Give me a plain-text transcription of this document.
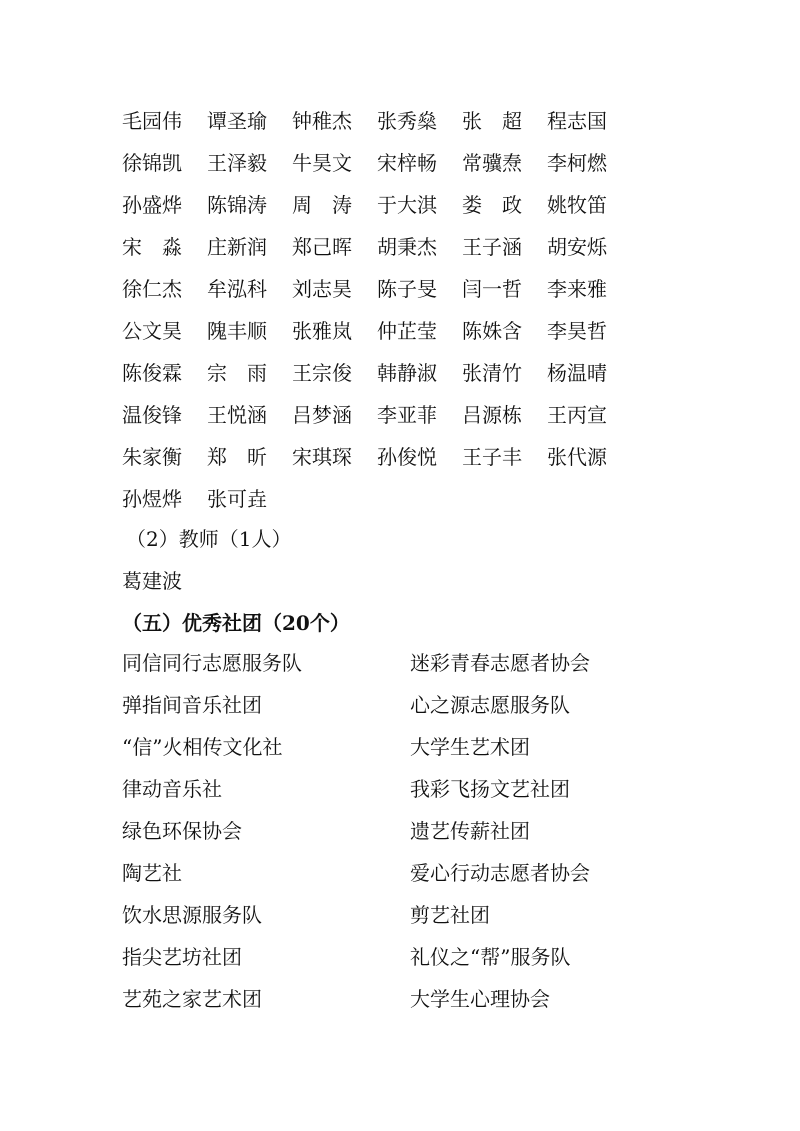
毛园伟	谭圣瑜	钟稚杰	张秀燊	张　超	程志国
徐锦凯	王泽毅	牛昊文	宋梓畅	常骥焘	李柯燃
孙盛烨	陈锦涛	周　涛	于大淇	娄　政	姚牧笛
宋　淼	庄新润	郑己晖	胡秉杰	王子涵	胡安烁
徐仁杰	牟泓科	刘志昊	陈子旻	闫一哲	李来雅
公文昊	隗丰顺	张雅岚	仲芷莹	陈姝含	李昊哲
陈俊霖	宗　雨	王宗俊	韩静淑	张清竹	杨温晴
温俊锋	王悦涵	吕梦涵	李亚菲	吕源栋	王丙宣
朱家衡	郑　昕	宋琪琛	孙俊悦	王子丰	张代源
孙煜烨	张可垚
（2）教师（1人）
葛建波
（五）优秀社团（20个）
同信同行志愿服务队	迷彩青春志愿者协会
弹指间音乐社团	心之源志愿服务队
“信”火相传文化社	大学生艺术团
律动音乐社	我彩飞扬文艺社团
绿色环保协会	遗艺传薪社团
陶艺社	爱心行动志愿者协会
饮水思源服务队	剪艺社团
指尖艺坊社团	礼仪之“帮”服务队
艺苑之家艺术团	大学生心理协会
